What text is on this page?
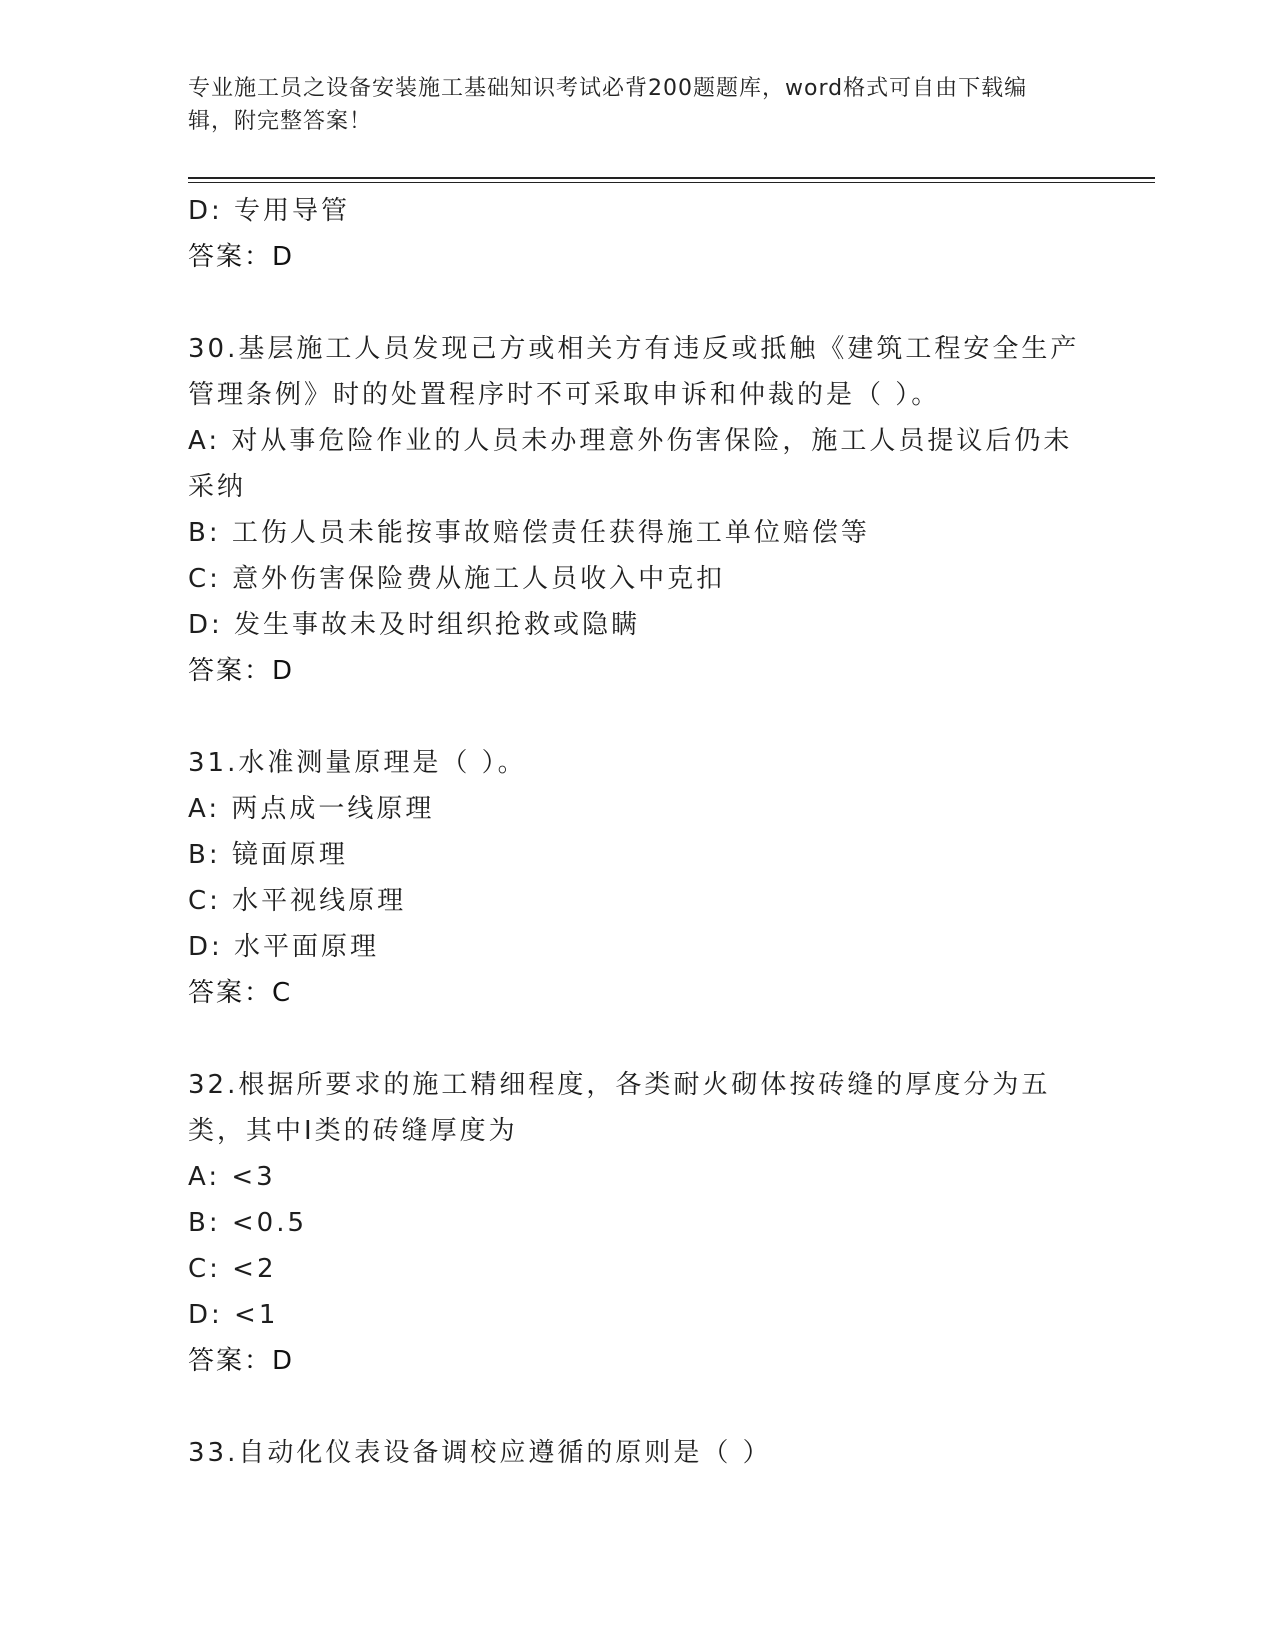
专业施工员之设备安装施工基础知识考试必背200题题库，word格式可自由下载编辑，附完整答案！
D: 专用导管
答案：D
30.基层施工人员发现己方或相关方有违反或抵触《建筑工程安全生产管理条例》时的处置程序时不可采取申诉和仲裁的是（ ）。
A: 对从事危险作业的人员未办理意外伤害保险，施工人员提议后仍未采纳
B: 工伤人员未能按事故赔偿责任获得施工单位赔偿等
C: 意外伤害保险费从施工人员收入中克扣
D: 发生事故未及时组织抢救或隐瞒
答案：D
31.水准测量原理是（ ）。
A: 两点成一线原理
B: 镜面原理
C: 水平视线原理
D: 水平面原理
答案：C
32.根据所要求的施工精细程度，各类耐火砌体按砖缝的厚度分为五类，其中Ⅰ类的砖缝厚度为
A: <3
B: <0.5
C: <2
D: <1
答案：D
33.自动化仪表设备调校应遵循的原则是（ ）
